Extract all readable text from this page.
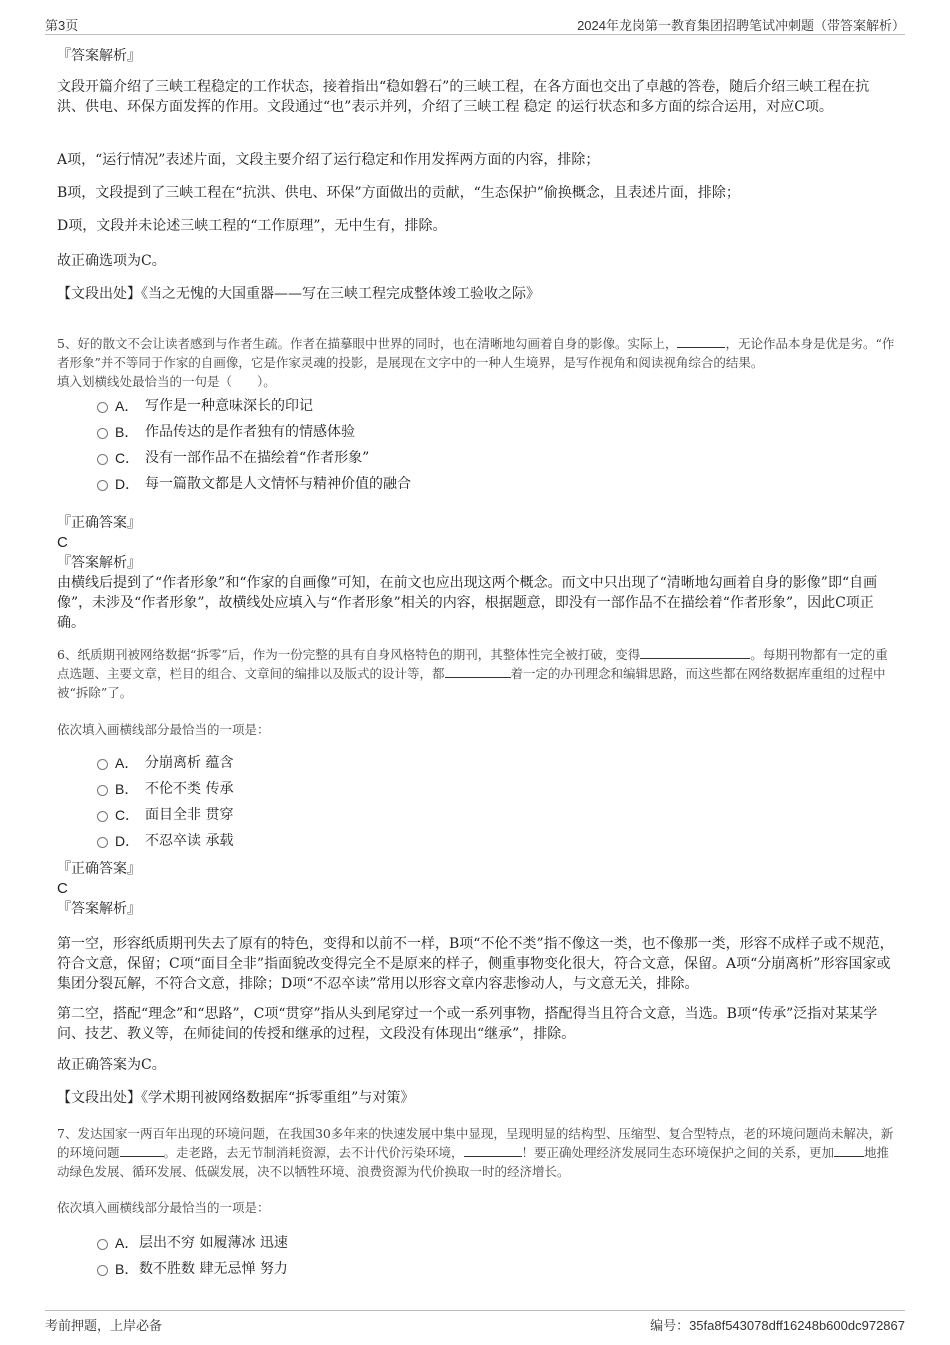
第3页	2024年龙岗第一教育集团招聘笔试冲刺题（带答案解析）

『答案解析』

文段开篇介绍了三峡工程稳定的工作状态，接着指出“稳如磐石”的三峡工程，在各方面也交出了卓越的答卷，随后介绍三峡工程在抗洪、供电、环保方面发挥的作用。文段通过“也”表示并列，介绍了三峡工程 稳定 的运行状态和多方面的综合运用，对应C项。

A项，“运行情况”表述片面，文段主要介绍了运行稳定和作用发挥两方面的内容，排除；

B项，文段提到了三峡工程在“抗洪、供电、环保”方面做出的贡献，“生态保护”偷换概念，且表述片面，排除；

D项，文段并未论述三峡工程的“工作原理”，无中生有，排除。

故正确选项为C。

【文段出处】《当之无愧的大国重器——写在三峡工程完成整体竣工验收之际》

5、好的散文不会让读者感到与作者生疏。作者在描摹眼中世界的同时，也在清晰地勾画着自身的影像。实际上，	，无论作品本身是优是劣。“作者形象”并不等同于作家的自画像，它是作家灵魂的投影，是展现在文字中的一种人生境界，是写作视角和阅读视角综合的结果。

填入划横线处最恰当的一句是（　　）。

A． 写作是一种意味深长的印记
B． 作品传达的是作者独有的情感体验
C． 没有一部作品不在描绘着“作者形象”
D． 每一篇散文都是人文情怀与精神价值的融合

『正确答案』

C

『答案解析』

由横线后提到了“作者形象”和“作家的自画像”可知，在前文也应出现这两个概念。而文中只出现了“清晰地勾画着自身的影像”即“自画像”，未涉及“作者形象”，故横线处应填入与“作者形象”相关的内容，根据题意，即没有一部作品不在描绘着“作者形象”，因此C项正确。

6、纸质期刊被网络数据“拆零”后，作为一份完整的具有自身风格特色的期刊，其整体性完全被打破，变得	。每期刊物都有一定的重点选题、主要文章，栏目的组合、文章间的编排以及版式的设计等，都	着一定的办刊理念和编辑思路，而这些都在网络数据库重组的过程中被“拆除”了。

依次填入画横线部分最恰当的一项是：

A． 分崩离析 蕴含
B． 不伦不类 传承
C． 面目全非 贯穿
D． 不忍卒读 承载

『正确答案』

C

『答案解析』

第一空，形容纸质期刊失去了原有的特色，变得和以前不一样，B项“不伦不类”指不像这一类，也不像那一类，形容不成样子或不规范，符合文意，保留；C项“面目全非”指面貌改变得完全不是原来的样子，侧重事物变化很大，符合文意，保留。A项“分崩离析”形容国家或集团分裂瓦解，不符合文意，排除；D项“不忍卒读”常用以形容文章内容悲惨动人，与文意无关，排除。

第二空，搭配“理念”和“思路”，C项“贯穿”指从头到尾穿过一个或一系列事物，搭配得当且符合文意，当选。B项“传承”泛指对某某学问、技艺、教义等，在师徒间的传授和继承的过程，文段没有体现出“继承”，排除。

故正确答案为C。

【文段出处】《学术期刊被网络数据库“拆零重组”与对策》

7、发达国家一两百年出现的环境问题，在我国30多年来的快速发展中集中显现，呈现明显的结构型、压缩型、复合型特点，老的环境问题尚未解决，新的环境问题	。走老路，去无节制消耗资源，去不计代价污染环境，	！要正确处理经济发展同生态环境保护之间的关系，更加 地推动绿色发展、循环发展、低碳发展，决不以牺牲环境、浪费资源为代价换取一时的经济增长。

依次填入画横线部分最恰当的一项是：

A． 层出不穷 如履薄冰 迅速
B． 数不胜数 肆无忌惮 努力
考前押题，上岸必备	编号：35fa8f543078dff16248b600dc972867
